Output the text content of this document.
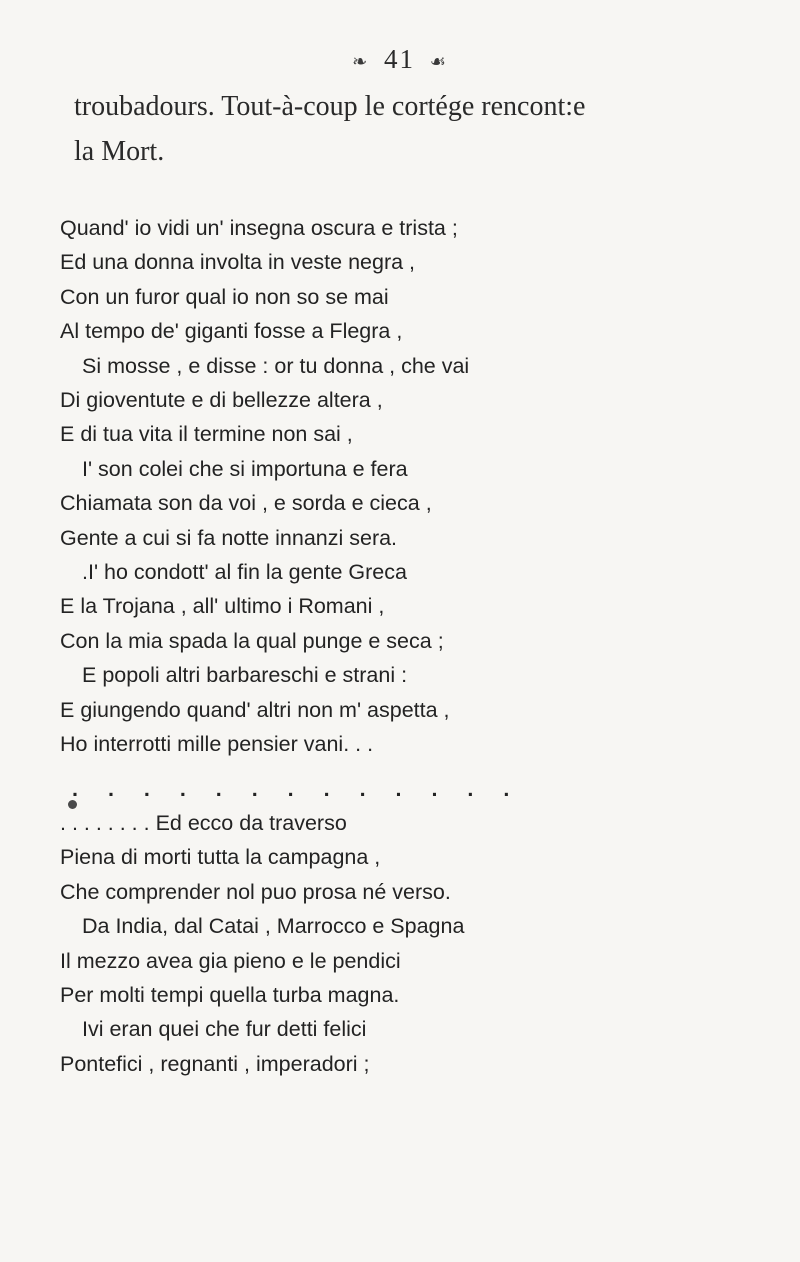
❧ 41 ☙
troubadours. Tout-à-coup le cortége rencont:e
la Mort.
Quand' io vidi un' insegna oscura e trista ;
Ed una donna involta in veste negra ,
Con un furor qual io non so se mai
Al tempo de' giganti fosse a Flegra ,
Si mosse , e disse : or tu donna , che vai
Di gioventute e di bellezze altera ,
E di tua vita il termine non sai ,
I' son colei che si importuna e fera
Chiamata son da voi , e sorda e cieca ,
Gente a cui si fa notte innanzi sera.
.I' ho condott' al fin la gente Greca
E la Trojana , all' ultimo i Romani ,
Con la mia spada la qual punge e seca ;
E popoli altri barbareschi e strani :
E giungendo quand' altri non m' aspetta ,
Ho interrotti mille pensier vani. . .
. . . . . . . . . . . . .
. . . . . . . . Ed ecco da traverso
Piena di morti tutta la campagna ,
Che comprender nol puo prosa né verso.
Da India, dal Catai , Marrocco e Spagna
Il mezzo avea gia pieno e le pendici
Per molti tempi quella turba magna.
Ivi eran quei che fur detti felici
Pontefici , regnanti , imperadori ;
